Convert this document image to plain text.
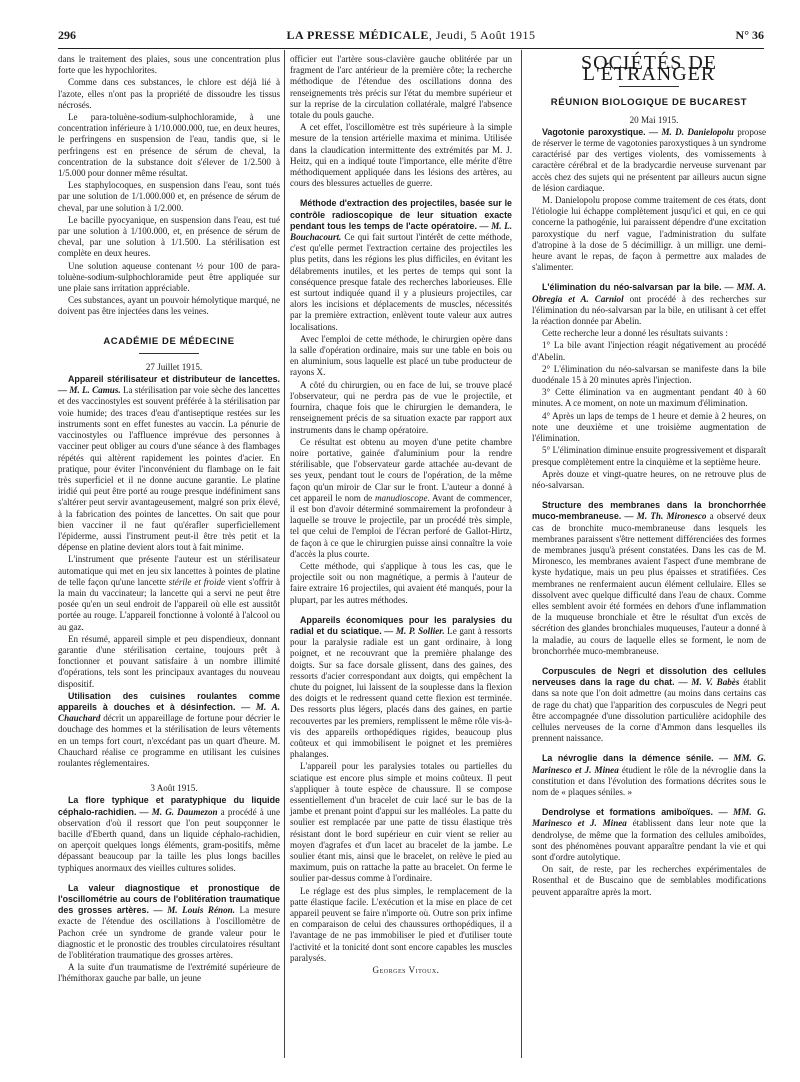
296	LA PRESSE MÉDICALE, Jeudi, 5 Août 1915	N° 36

dans le traitement des plaies, sous une concentration plus forte que les hypochlorites.

Comme dans ces substances, le chlore est déjà lié à l'azote, elles n'ont pas la propriété de dissoudre les tissus nécrosés.

Le para-toluène-sodium-sulphochloramide, à une concentration inférieure à 1/10.000.000, tue, en deux heures, le perfringens en suspension de l'eau, tandis que, si le perfringens est en présence de sérum de cheval, la concentration de la substance doit s'élever de 1/2.500 à 1/5.000 pour donner même résultat.

Les staphylocoques, en suspension dans l'eau, sont tués par une solution de 1/1.000.000 et, en présence de sérum de cheval, par une solution à 1/2.000.

Le bacille pyocyanique, en suspension dans l'eau, est tué par une solution à 1/100.000, et, en présence de sérum de cheval, par une solution à 1/1.500. La stérilisation est complète en deux heures.

Une solution aqueuse contenant ½ pour 100 de para-toluène-sodium-sulphochloramide peut être appliquée sur une plaie sans irritation appréciable.

Ces substances, ayant un pouvoir hémolytique marqué, ne doivent pas être injectées dans les veines.

ACADÉMIE DE MÉDECINE

27 Juillet 1915.

Appareil stérilisateur et distributeur de lancettes. — M. L. Camus. La stérilisation par voie sèche des lancettes et des vaccinostyles est souvent préférée à la stérilisation par voie humide; des traces d'eau d'antiseptique restées sur les instruments sont en effet funestes au vaccin. La pénurie de vaccinostyles ou l'affluence imprévue des personnes à vacciner peut obliger au cours d'une séance à des flambages répétés qui altèrent rapidement les pointes d'acier. En pratique, pour éviter l'inconvénient du flambage on le fait très superficiel et il ne donne aucune garantie. Le platine iridié qui peut être porté au rouge presque indéfiniment sans s'altérer peut servir avantageusement, malgré son prix élevé, à la fabrication des pointes de lancettes. On sait que pour bien vacciner il ne faut qu'érafler superficiellement l'épiderme, aussi l'instrument peut-il être très petit et la dépense en platine devient alors tout à fait minime.

L'instrument que présente l'auteur est un stérilisateur automatique qui met en jeu six lancettes à pointes de platine de telle façon qu'une lancette stérile et froide vient s'offrir à la main du vaccinateur; la lancette qui a servi ne peut être posée qu'en un seul endroit de l'appareil où elle est aussitôt portée au rouge. L'appareil fonctionne à volonté à l'alcool ou au gaz.

En résumé, appareil simple et peu dispendieux, donnant garantie d'une stérilisation certaine, toujours prêt à fonctionner et pouvant satisfaire à un nombre illimité d'opérations, tels sont les principaux avantages du nouveau dispositif.

Utilisation des cuisines roulantes comme appareils à douches et à désinfection. — M. A. Chauchard décrit un appareillage de fortune pour décrier le douchage des hommes et la stérilisation de leurs vêtements en un temps fort court, n'excédant pas un quart d'heure. M. Chauchard réalise ce programme en utilisant les cuisines roulantes réglementaires.

3 Août 1915.

La flore typhique et paratyphique du liquide céphalo-rachidien. — M. G. Daumezon a procédé à une observation d'où il ressort que l'on peut soupçonner le bacille d'Eberth quand, dans un liquide céphalo-rachidien, on aperçoit quelques longs éléments, gram-positifs, même dépassant beaucoup par la taille les plus longs bacilles typhiques anormaux des vieilles cultures solides.

La valeur diagnostique et pronostique de l'oscillométrie au cours de l'oblitération traumatique des grosses artères. — M. Louis Rénon. La mesure exacte de l'étendue des oscillations à l'oscillomètre de Pachon crée un syndrome de grande valeur pour le diagnostic et le pronostic des troubles circulatoires résultant de l'oblitération traumatique des grosses artères.

A la suite d'un traumatisme de l'extrémité supérieure de l'hémithorax gauche par balle, un jeune

officier eut l'artère sous-clavière gauche oblitérée par un fragment de l'arc antérieur de la première côte; la recherche méthodique de l'étendue des oscillations donna des renseignements très précis sur l'état du membre supérieur et sur la reprise de la circulation collatérale, malgré l'absence totale du pouls gauche.

A cet effet, l'oscillomètre est très supérieure à la simple mesure de la tension artérielle maxima et minima. Utilisée dans la claudication intermittente des extrémités par M. J. Heitz, qui en a indiqué toute l'importance, elle mérite d'être méthodiquement appliquée dans les lésions des artères, au cours des blessures actuelles de guerre.

Méthode d'extraction des projectiles, basée sur le contrôle radioscopique de leur situation exacte pendant tous les temps de l'acte opératoire. — M. L. Bouchacourt. Ce qui fait surtout l'intérêt de cette méthode, c'est qu'elle permet l'extraction certaine des projectiles les plus petits, dans les régions les plus difficiles, en évitant les délabrements inutiles, et les pertes de temps qui sont la conséquence presque fatale des recherches laborieuses. Elle est surtout indiquée quand il y a plusieurs projectiles, car alors les incisions et déplacements de muscles, nécessités par la première extraction, enlèvent toute valeur aux autres localisations.

Avec l'emploi de cette méthode, le chirurgien opère dans la salle d'opération ordinaire, mais sur une table en bois ou en aluminium, sous laquelle est placé un tube producteur de rayons X.

A côté du chirurgien, ou en face de lui, se trouve placé l'observateur, qui ne perdra pas de vue le projectile, et fournira, chaque fois que le chirurgien le demandera, le renseignement précis de sa situation exacte par rapport aux instruments dans le champ opératoire.

Ce résultat est obtenu au moyen d'une petite chambre noire portative, gainée d'aluminium pour la rendre stérilisable, que l'observateur garde attachée au-devant de ses yeux, pendant tout le cours de l'opération, de la même façon qu'un miroir de Clar sur le front. L'auteur a donné à cet appareil le nom de manudioscope. Avant de commencer, il est bon d'avoir déterminé sommairement la profondeur à laquelle se trouve le projectile, par un procédé très simple, tel que celui de l'emploi de l'écran perforé de Gallot-Hirtz, de façon à ce que le chirurgien puisse ainsi connaître la voie d'accès la plus courte.

Cette méthode, qui s'applique à tous les cas, que le projectile soit ou non magnétique, a permis à l'auteur de faire extraire 16 projectiles, qui avaient été manqués, pour la plupart, par les autres méthodes.

Appareils économiques pour les paralysies du radial et du sciatique. — M. P. Sollier. Le gant à ressorts pour la paralysie radiale est un gant ordinaire, à long poignet, et ne recouvrant que la première phalange des doigts. Sur sa face dorsale glissent, dans des gaines, des ressorts d'acier correspondant aux doigts, qui empêchent la chute du poignet, lui laissent de la souplesse dans la flexion des doigts et le redressent quand cette flexion est terminée. Des ressorts plus légers, placés dans des gaines, en partie recouvertes par les premiers, remplissent le même rôle vis-à-vis des appareils orthopédiques rigides, beaucoup plus coûteux et qui immobilisent le poignet et les premières phalanges.

L'appareil pour les paralysies totales ou partielles du sciatique est encore plus simple et moins coûteux. Il peut s'appliquer à toute espèce de chaussure. Il se compose essentiellement d'un bracelet de cuir lacé sur le bas de la jambe et prenant point d'appui sur les malléoles. La patte du soulier est remplacée par une patte de tissu élastique très résistant dont le bord supérieur en cuir vient se relier au moyen d'agrafes et d'un lacet au bracelet de la jambe. Le soulier étant mis, ainsi que le bracelet, on relève le pied au maximum, puis on rattache la patte au bracelet. On ferme le soulier par-dessus comme à l'ordinaire.

Le réglage est des plus simples, le remplacement de la patte élastique facile. L'exécution et la mise en place de cet appareil peuvent se faire n'importe où. Outre son prix infime en comparaison de celui des chaussures orthopédiques, il a l'avantage de ne pas immobiliser le pied et d'utiliser toute l'activité et la tonicité dont sont encore capables les muscles paralysés.

Georges Vitoux.

SOCIÉTÉS DE L'ÉTRANGER
RÉUNION BIOLOGIQUE DE BUCAREST

20 Mai 1915.

Vagotonie paroxystique. — M. D. Danielopolu propose de réserver le terme de vagotonies paroxystiques à un syndrome caractérisé par des vertiges violents, des vomissements à caractère cérébral et de la bradycardie nerveuse survenant par accès chez des sujets qui ne présentent par ailleurs aucun signe de lésion cardiaque.

M. Danielopolu propose comme traitement de ces états, dont l'étiologie lui échappe complètement jusqu'ici et qui, en ce qui concerne la pathogénie, lui paraissent dépendre d'une excitation paroxystique du nerf vague, l'administration du sulfate d'atropine à la dose de 5 décimilligr. à un milligr. une demi-heure avant le repas, de façon à permettre aux malades de s'alimenter.

L'élimination du néo-salvarsan par la bile. — MM. A. Obregia et A. Carniol ont procédé à des recherches sur l'élimination du néo-salvarsan par la bile, en utilisant à cet effet la réaction donnée par Abelin.

Cette recherche leur a donné les résultats suivants :

1° La bile avant l'injection réagit négativement au procédé d'Abelin.

2° L'élimination du néo-salvarsan se manifeste dans la bile duodénale 15 à 20 minutes après l'injection.

3° Cette élimination va en augmentant pendant 40 à 60 minutes. A ce moment, on note un maximum d'élimination.

4° Après un laps de temps de 1 heure et demie à 2 heures, on note une deuxième et une troisième augmentation de l'élimination.

5° L'élimination diminue ensuite progressivement et disparaît presque complètement entre la cinquième et la septième heure.

Après douze et vingt-quatre heures, on ne retrouve plus de néo-salvarsan.

Structure des membranes dans la bronchorrhée muco-membraneuse. — M. Th. Mironesco a observé deux cas de bronchite muco-membraneuse dans lesquels les membranes paraissent s'être nettement différenciées des formes de membranes jusqu'à présent constatées. Dans les cas de M. Mironesco, les membranes avaient l'aspect d'une membrane de kyste hydatique, mais un peu plus épaisses et stratifiées. Ces membranes ne renfermaient aucun élément cellulaire. Elles se dissolvent avec quelque difficulté dans l'eau de chaux. Comme elles semblent avoir été formées en dehors d'une inflammation de la muqueuse bronchiale et être le résultat d'un excès de sécrétion des glandes bronchiales muqueuses, l'auteur a donné à la maladie, au cours de laquelle elles se forment, le nom de bronchorrhée muco-membraneuse.

Corpuscules de Negri et dissolution des cellules nerveuses dans la rage du chat. — M. V. Babès établit dans sa note que l'on doit admettre (au moins dans certains cas de rage du chat) que l'apparition des corpuscules de Negri peut être accompagnée d'une dissolution particulière acidophile des cellules nerveuses de la corne d'Ammon dans lesquelles ils prennent naissance.

La névroglie dans la démence sénile. — MM. G. Marinesco et J. Minea étudient le rôle de la névroglie dans la constitution et dans l'évolution des formations décrites sous le nom de « plaques séniles. »

Dendrolyse et formations amiboïques. — MM. G. Marinesco et J. Minea établissent dans leur note que la dendrolyse, de même que la formation des cellules amiboïdes, sont des phénomènes pouvant apparaître pendant la vie et qui sont d'ordre autolytique.

On sait, de reste, par les recherches expérimentales de Rosenthal et de Buscaino que de semblables modifications peuvent apparaître après la mort.
